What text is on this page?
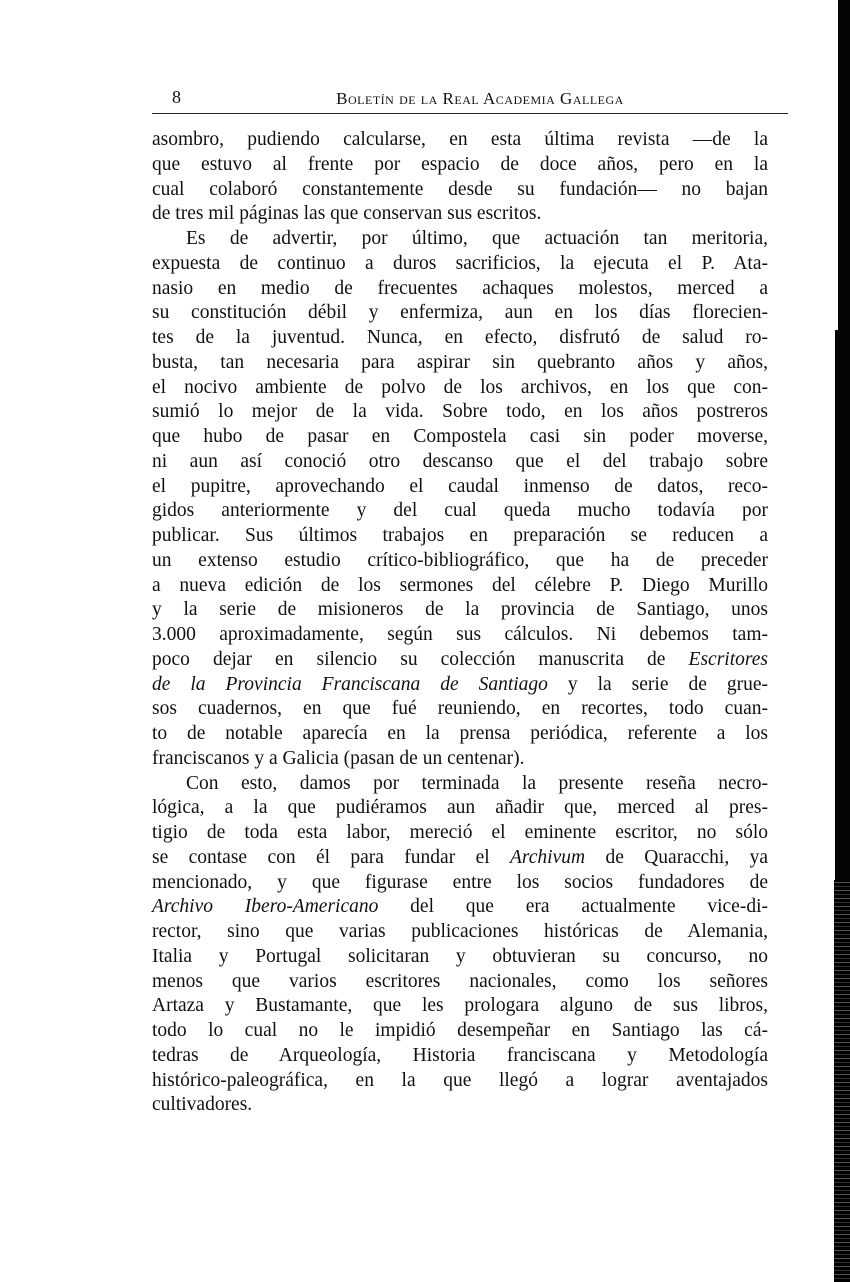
8	Boletín de la Real Academia Gallega
asombro, pudiendo calcularse, en esta última revista —de la
que estuvo al frente por espacio de doce años, pero en la
cual colaboró constantemente desde su fundación— no bajan
de tres mil páginas las que conservan sus escritos.
Es de advertir, por último, que actuación tan meritoria,
expuesta de continuo a duros sacrificios, la ejecuta el P. Ata-
nasio en medio de frecuentes achaques molestos, merced a
su constitución débil y enfermiza, aun en los días florecien-
tes de la juventud. Nunca, en efecto, disfrutó de salud ro-
busta, tan necesaria para aspirar sin quebranto años y años,
el nocivo ambiente de polvo de los archivos, en los que con-
sumió lo mejor de la vida. Sobre todo, en los años postreros
que hubo de pasar en Compostela casi sin poder moverse,
ni aun así conoció otro descanso que el del trabajo sobre
el pupitre, aprovechando el caudal inmenso de datos, reco-
gidos anteriormente y del cual queda mucho todavía por
publicar. Sus últimos trabajos en preparación se reducen a
un extenso estudio crítico-bibliográfico, que ha de preceder
a nueva edición de los sermones del célebre P. Diego Murillo
y la serie de misioneros de la provincia de Santiago, unos
3.000 aproximadamente, según sus cálculos. Ni debemos tam-
poco dejar en silencio su colección manuscrita de Escritores
de la Provincia Franciscana de Santiago y la serie de grue-
sos cuadernos, en que fué reuniendo, en recortes, todo cuan-
to de notable aparecía en la prensa periódica, referente a los
franciscanos y a Galicia (pasan de un centenar).
Con esto, damos por terminada la presente reseña necro-
lógica, a la que pudiéramos aun añadir que, merced al pres-
tigio de toda esta labor, mereció el eminente escritor, no sólo
se contase con él para fundar el Archivum de Quaracchi, ya
mencionado, y que figurase entre los socios fundadores de
Archivo Ibero-Americano del que era actualmente vice-di-
rector, sino que varias publicaciones históricas de Alemania,
Italia y Portugal solicitaran y obtuvieran su concurso, no
menos que varios escritores nacionales, como los señores
Artaza y Bustamante, que les prologara alguno de sus libros,
todo lo cual no le impidió desempeñar en Santiago las cá-
tedras de Arqueología, Historia franciscana y Metodología
histórico-paleográfica, en la que llegó a lograr aventajados
cultivadores.
